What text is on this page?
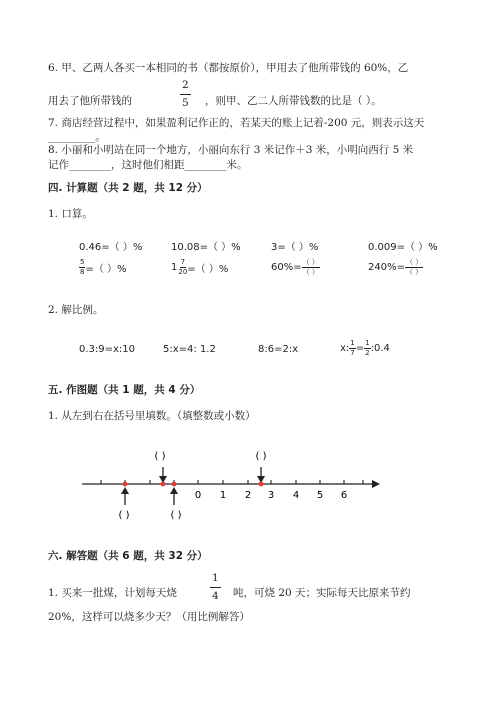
6. 甲、乙两人各买一本相同的书（都按原价），甲用去了他所带钱的 60%，乙
用去了他所带钱的	$\frac{2}{5}$ ，则甲、乙二人所带钱数的比是（ ）。
7. 商店经营过程中，如果盈利记作正的，若某天的账上记着-200 元，则表示这天
_________。
8. 小丽和小明站在同一个地方，小丽向东行 3 米记作＋3 米，小明向西行 5 米
记作________，这时他们相距________米。
四. 计算题（共 2 题，共 12 分）
1. 口算。
0.46=（ ）%	10.08=（ ）%	3=（ ）%	0.009=（ ）%
$\frac{5}{8}$ =（ ）%	$1 \frac{7}{20}$ =（ ）%	$60\%= \frac{( )}{( )}$	$240\%= \frac{( )}{( )}$
2. 解比例。
0.3:9=x:10	5:x=4: 1.2	8:6=2:x	x: $\frac{1}{7} = \frac{1}{2}$ :0.4
五. 作图题（共 1 题，共 4 分）
1. 从左到右在括号里填数。（填整数或小数）
( )	( )
( )	( )
0 1 2 3 4 5 6
六. 解答题（共 6 题，共 32 分）
1. 买来一批煤，计划每天烧	$\frac{1}{4}$ 吨，可烧 20 天；实际每天比原来节约
20%，这样可以烧多少天？（用比例解答）
